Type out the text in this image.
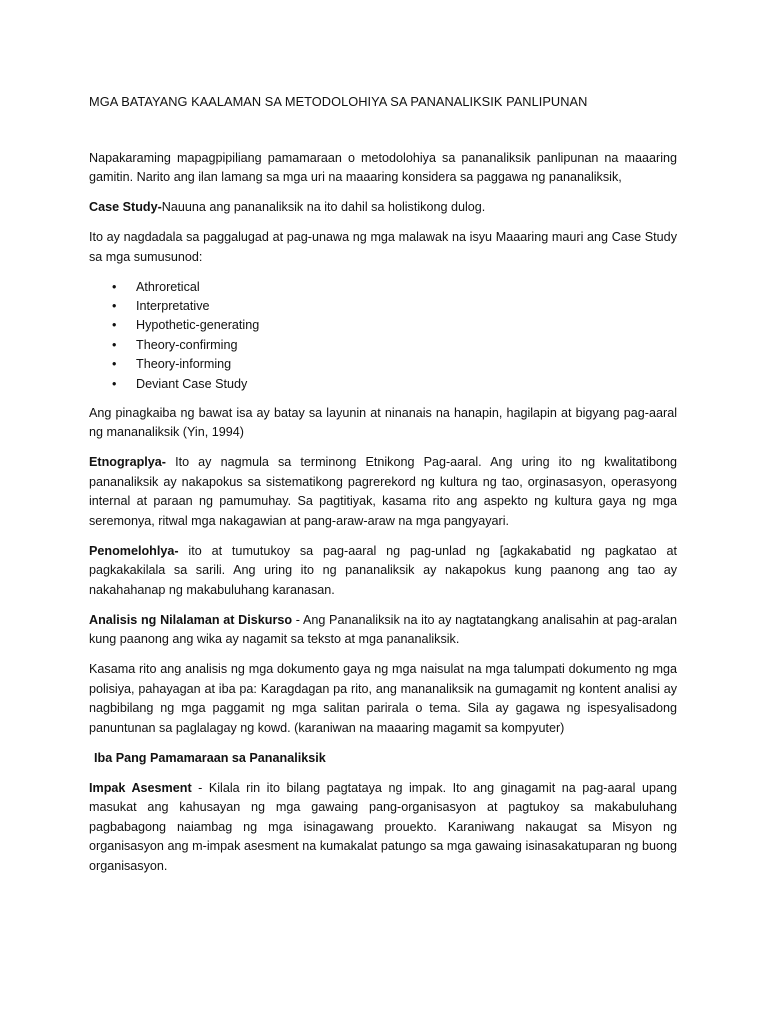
MGA BATAYANG KAALAMAN SA METODOLOHIYA SA PANANALIKSIK PANLIPUNAN

Napakaraming mapagpipiliang pamamaraan o metodolohiya sa pananaliksik panlipunan na maaaring gamitin. Narito ang ilan lamang sa mga uri na maaaring konsidera sa paggawa ng pananaliksik,

Case Study-Nauuna ang pananaliksik na ito dahil sa holistikong dulog.

Ito ay nagdadala sa paggalugad at pag-unawa ng mga malawak na isyu Maaaring mauri ang Case Study sa mga sumusunod:

• Athroretical
• Interpretative
• Hypothetic-generating
• Theory-confirming
• Theory-informing
• Deviant Case Study

Ang pinagkaiba ng bawat isa ay batay sa layunin at ninanais na hanapin, hagilapin at bigyang pag-aaral ng mananaliksik (Yin, 1994)

Etnograplya- Ito ay nagmula sa terminong Etnikong Pag-aaral. Ang uring ito ng kwalitatibong pananaliksik ay nakapokus sa sistematikong pagrerekord ng kultura ng tao, orginasasyon, operasyong internal at paraan ng pamumuhay. Sa pagtitiyak, kasama rito ang aspekto ng kultura gaya ng mga seremonya, ritwal mga nakagawian at pang-araw-araw na mga pangyayari.

Penomelohlya- ito at tumutukoy sa pag-aaral ng pag-unlad ng [agkakabatid ng pagkatao at pagkakakilala sa sarili. Ang uring ito ng pananaliksik ay nakapokus kung paanong ang tao ay nakahahanap ng makabuluhang karanasan.

Analisis ng Nilalaman at Diskurso - Ang Pananaliksik na ito ay nagtatangkang analisahin at pag-aralan kung paanong ang wika ay nagamit sa teksto at mga pananaliksik.

Kasama rito ang analisis ng mga dokumento gaya ng mga naisulat na mga talumpati dokumento ng mga polisiya, pahayagan at iba pa: Karagdagan pa rito, ang mananaliksik na gumagamit ng kontent analisi ay nagbibilang ng mga paggamit ng mga salitan parirala o tema. Sila ay gagawa ng ispesyalisadong panuntunan sa paglalagay ng kowd. (karaniwan na maaaring magamit sa kompyuter)

Iba Pang Pamamaraan sa Pananaliksik

Impak Asesment - Kilala rin ito bilang pagtataya ng impak. Ito ang ginagamit na pag-aaral upang masukat ang kahusayan ng mga gawaing pang-organisasyon at pagtukoy sa makabuluhang pagbabagong naiambag ng mga isinagawang prouekto. Karaniwang nakaugat sa Misyon ng organisasyon ang m-impak asesment na kumakalat patungo sa mga gawaing isinasakatuparan ng buong organisasyon.
